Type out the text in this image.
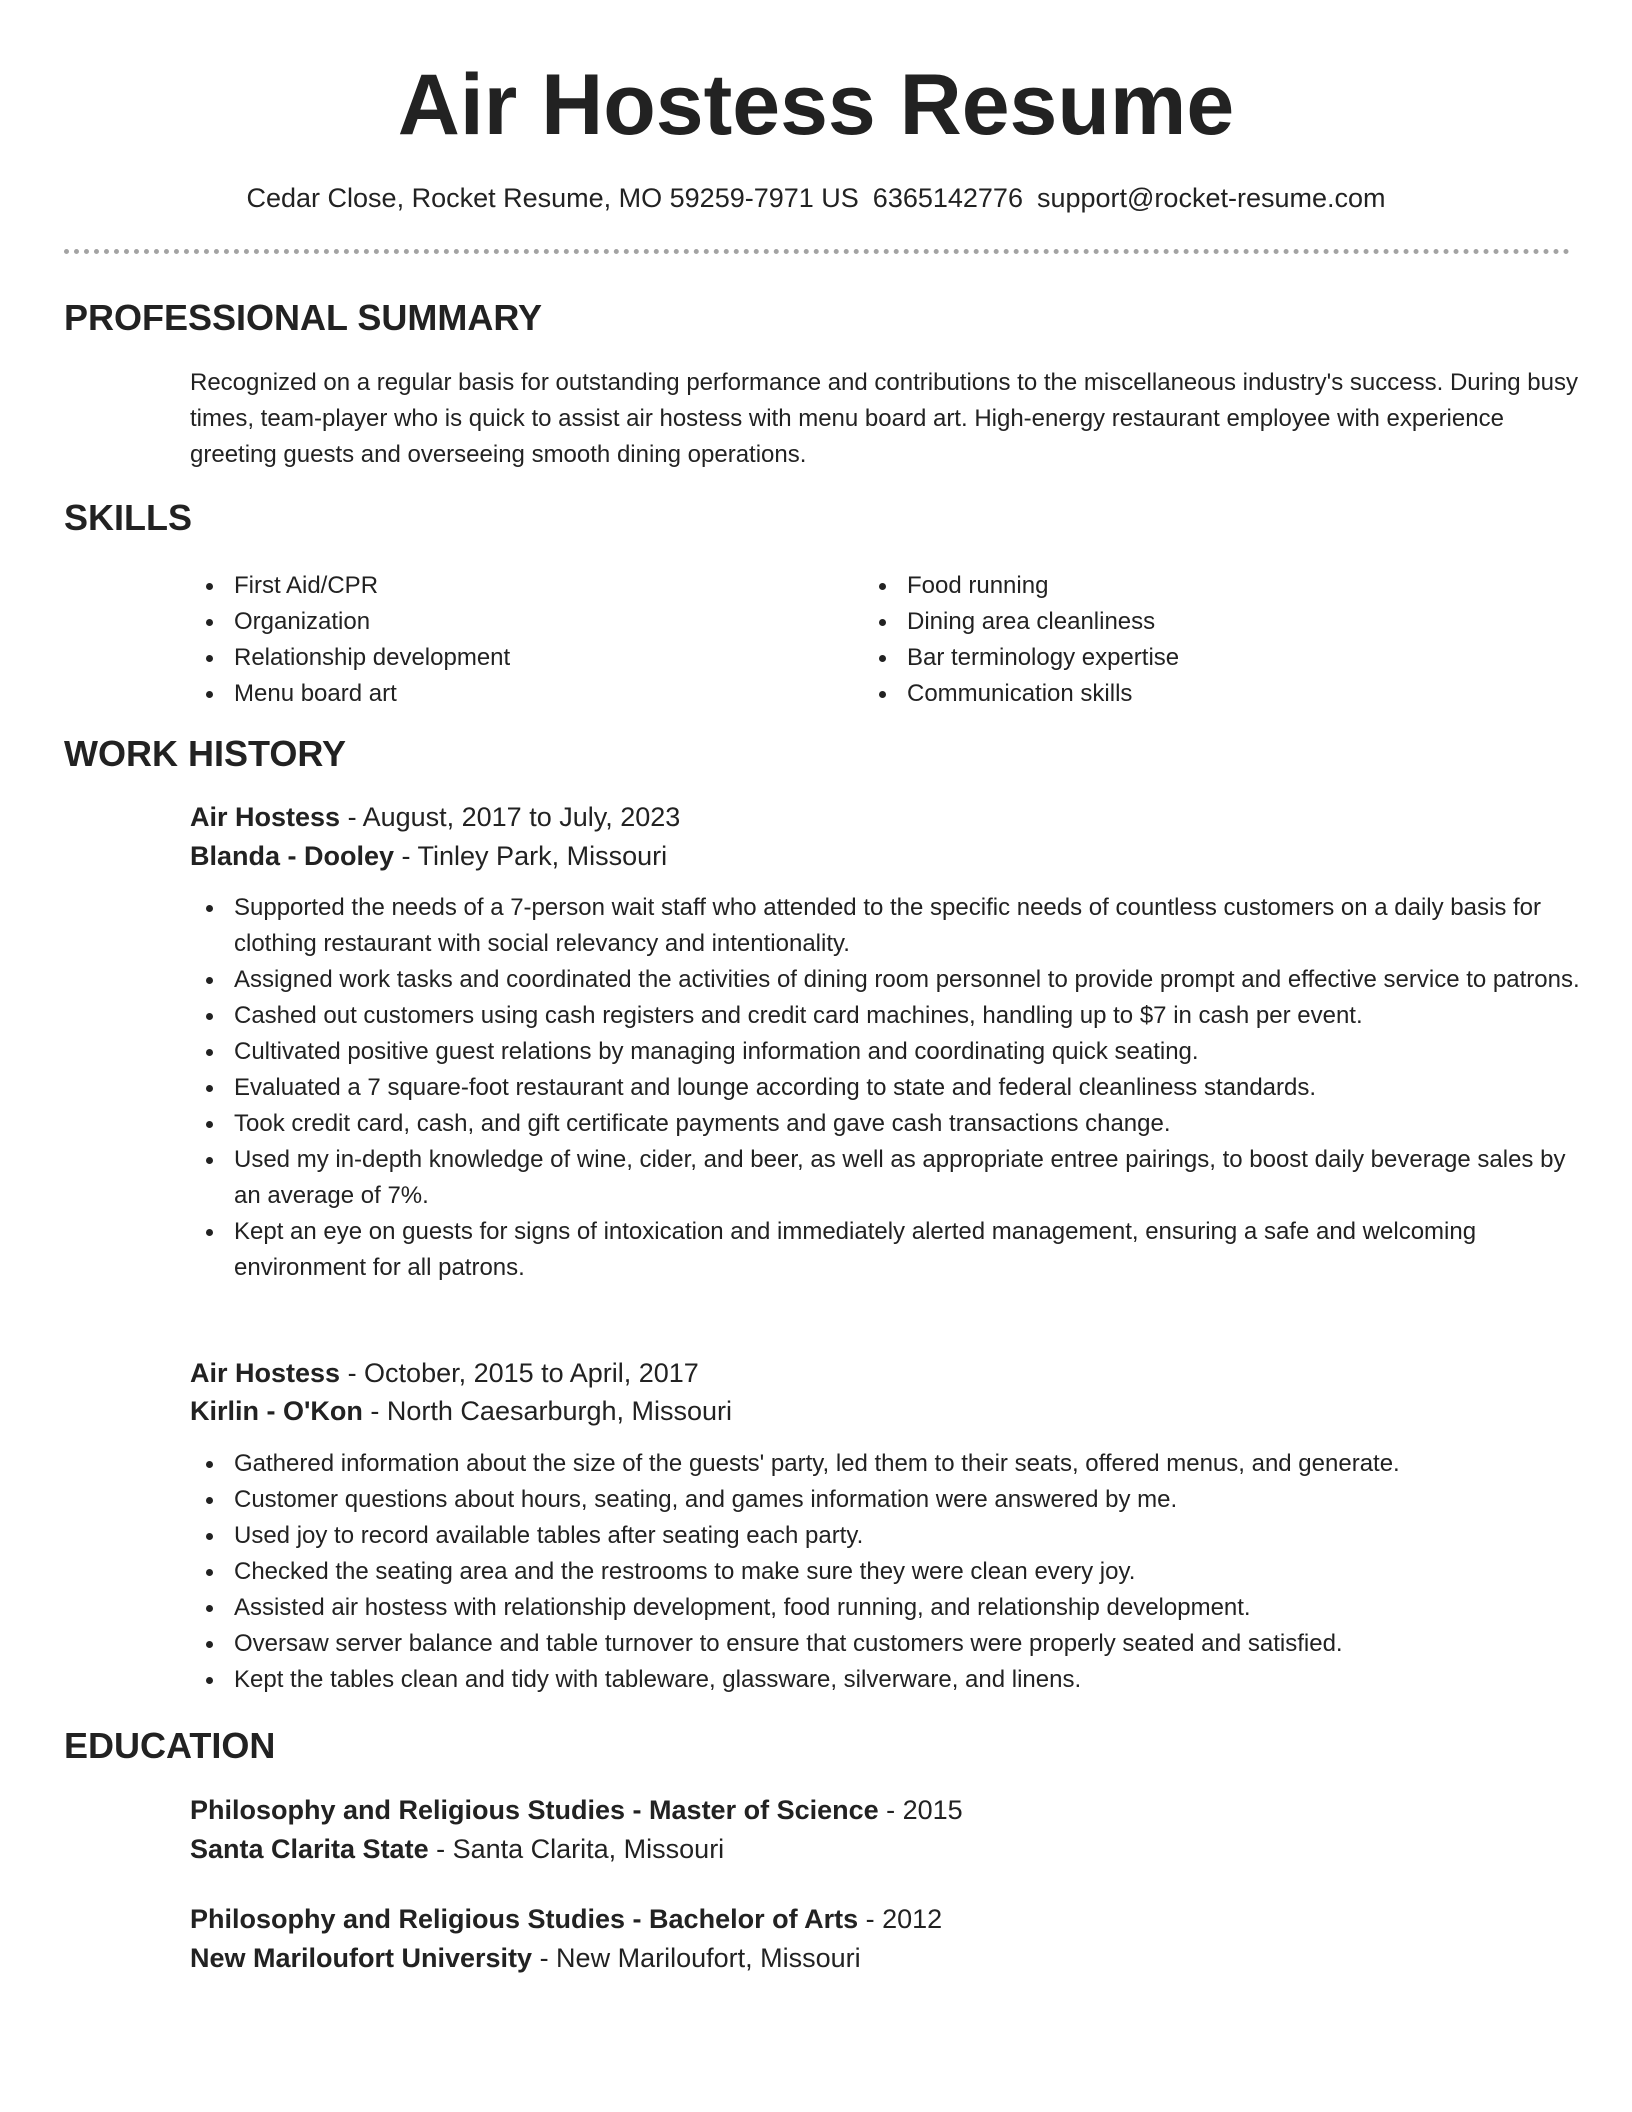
Air Hostess Resume
Cedar Close, Rocket Resume, MO 59259-7971 US 6365142776 support@rocket-resume.com
PROFESSIONAL SUMMARY
Recognized on a regular basis for outstanding performance and contributions to the miscellaneous industry's success. During busy times, team-player who is quick to assist air hostess with menu board art. High-energy restaurant employee with experience greeting guests and overseeing smooth dining operations.
SKILLS
First Aid/CPR
Organization
Relationship development
Menu board art
Food running
Dining area cleanliness
Bar terminology expertise
Communication skills
WORK HISTORY
Air Hostess - August, 2017 to July, 2023
Blanda - Dooley - Tinley Park, Missouri
Supported the needs of a 7-person wait staff who attended to the specific needs of countless customers on a daily basis for clothing restaurant with social relevancy and intentionality.
Assigned work tasks and coordinated the activities of dining room personnel to provide prompt and effective service to patrons.
Cashed out customers using cash registers and credit card machines, handling up to $7 in cash per event.
Cultivated positive guest relations by managing information and coordinating quick seating.
Evaluated a 7 square-foot restaurant and lounge according to state and federal cleanliness standards.
Took credit card, cash, and gift certificate payments and gave cash transactions change.
Used my in-depth knowledge of wine, cider, and beer, as well as appropriate entree pairings, to boost daily beverage sales by an average of 7%.
Kept an eye on guests for signs of intoxication and immediately alerted management, ensuring a safe and welcoming environment for all patrons.
Air Hostess - October, 2015 to April, 2017
Kirlin - O'Kon - North Caesarburgh, Missouri
Gathered information about the size of the guests' party, led them to their seats, offered menus, and generate.
Customer questions about hours, seating, and games information were answered by me.
Used joy to record available tables after seating each party.
Checked the seating area and the restrooms to make sure they were clean every joy.
Assisted air hostess with relationship development, food running, and relationship development.
Oversaw server balance and table turnover to ensure that customers were properly seated and satisfied.
Kept the tables clean and tidy with tableware, glassware, silverware, and linens.
EDUCATION
Philosophy and Religious Studies - Master of Science - 2015
Santa Clarita State - Santa Clarita, Missouri
Philosophy and Religious Studies - Bachelor of Arts - 2012
New Mariloufort University - New Mariloufort, Missouri
